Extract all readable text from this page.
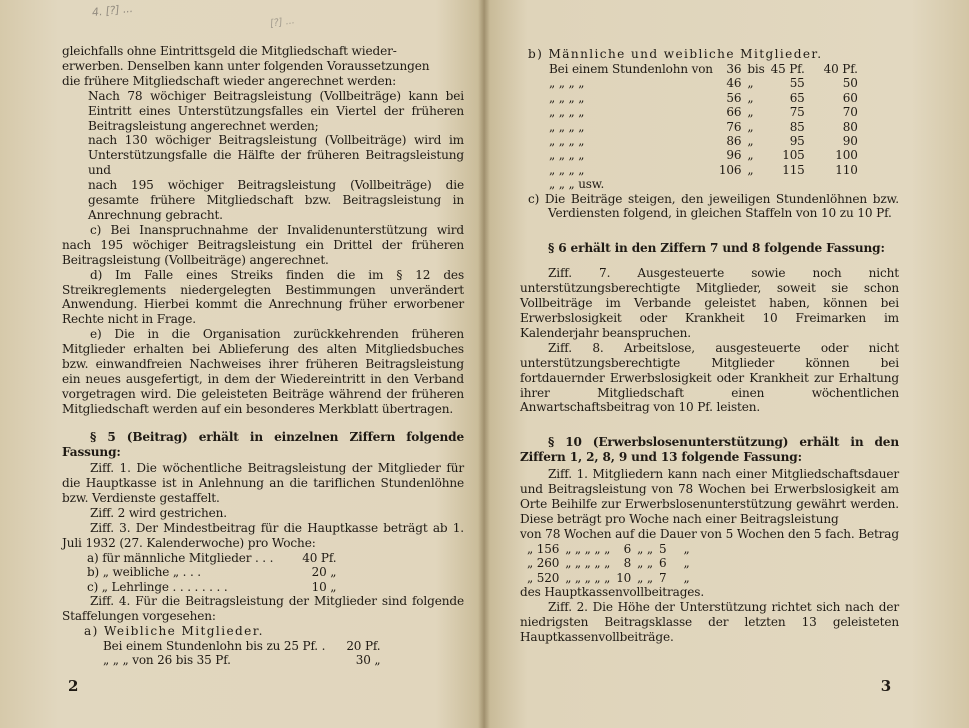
4. [?] ...
[?] ...

gleichfalls ohne Eintrittsgeld die Mitgliedschaft wieder-

erwerben. Denselben kann unter folgenden Voraussetzungen

die frühere Mitgliedschaft wieder angerechnet werden:

Nach 78 wöchiger Beitragsleistung (Vollbeiträge) kann bei Eintritt eines Unterstützungsfalles ein Viertel der früheren Beitragsleistung angerechnet werden;

nach 130 wöchiger Beitragsleistung (Vollbeiträge) wird im Unterstützungsfalle die Hälfte der früheren Beitragsleistung und

nach 195 wöchiger Beitragsleistung (Vollbeiträge) die gesamte frühere Mitgliedschaft bzw. Beitragsleistung in Anrechnung gebracht.

c) Bei Inanspruchnahme der Invalidenunterstützung wird nach 195 wöchiger Beitragsleistung ein Drittel der früheren Beitragsleistung (Vollbeiträge) angerechnet.

d) Im Falle eines Streiks finden die im § 12 des Streikreglements niedergelegten Bestimmungen unverändert Anwendung. Hierbei kommt die Anrechnung früher erworbener Rechte nicht in Frage.

e) Die in die Organisation zurückkehrenden früheren Mitglieder erhalten bei Ablieferung des alten Mitgliedsbuches bzw. einwandfreien Nachweises ihrer früheren Beitragsleistung ein neues ausgefertigt, in dem der Wiedereintritt in den Verband vorgetragen wird. Die geleisteten Beiträge während der früheren Mitgliedschaft werden auf ein besonderes Merkblatt übertragen.

§ 5 (Beitrag) erhält in einzelnen Ziffern folgende Fassung:

Ziff. 1. Die wöchentliche Beitragsleistung der Mitglieder für die Hauptkasse ist in Anlehnung an die tariflichen Stundenlöhne bzw. Verdienste gestaffelt.

Ziff. 2 wird gestrichen.

Ziff. 3. Der Mindestbeitrag für die Hauptkasse beträgt ab 1. Juli 1932 (27. Kalenderwoche) pro Woche:

a) für männliche Mitglieder . . .	40 Pf.
b) „ weibliche „ . . .	20 „
c) „ Lehrlinge . . . . . . . .	10 „

Ziff. 4. Für die Beitragsleistung der Mitglieder sind folgende Staffelungen vorgesehen:

a) Weibliche Mitglieder.

Bei einem Stundenlohn bis zu 25 Pf. .	20 Pf.
„ „ „ von 26 bis 35 Pf.	30 „
2

b) Männliche und weibliche Mitglieder.

Bei einem Stundenlohn von	36	bis	45 Pf.	40 Pf.
„ „ „ „	46	„	55	50
„ „ „ „	56	„	65	60
„ „ „ „	66	„	75	70
„ „ „ „	76	„	85	80
„ „ „ „	86	„	95	90
„ „ „ „	96	„	105	100
„ „ „ „	106	„	115	110
„ „ „ usw.				

c) Die Beiträge steigen, den jeweiligen Stundenlöhnen bzw. Verdiensten folgend, in gleichen Staffeln von 10 zu 10 Pf.

§ 6 erhält in den Ziffern 7 und 8 folgende Fassung:

Ziff. 7. Ausgesteuerte sowie noch nicht unterstützungsberechtigte Mitglieder, soweit sie schon Vollbeiträge im Verbande geleistet haben, können bei Erwerbslosigkeit oder Krankheit 10 Freimarken im Kalenderjahr beanspruchen.

Ziff. 8. Arbeitslose, ausgesteuerte oder nicht unterstützungsberechtigte Mitglieder können bei fortdauernder Erwerbslosigkeit oder Krankheit zur Erhaltung ihrer Mitgliedschaft einen wöchentlichen Anwartschaftsbeitrag von 10 Pf. leisten.

§ 10 (Erwerbslosenunterstützung) erhält in den Ziffern 1, 2, 8, 9 und 13 folgende Fassung:

Ziff. 1. Mitgliedern kann nach einer Mitgliedschaftsdauer und Beitragsleistung von 78 Wochen bei Erwerbslosigkeit am Orte Beihilfe zur Erwerbslosenunterstützung gewährt werden. Diese beträgt pro Woche nach einer Beitragsleistung

von 78 Wochen auf die Dauer von 5 Wochen den 5 fach. Betrag

„ 156	„ „ „ „ „	6	„ „	5	„
„ 260	„ „ „ „ „	8	„ „	6	„
„ 520	„ „ „ „ „	10	„ „	7	„

des Hauptkassenvollbeitrages.

Ziff. 2. Die Höhe der Unterstützung richtet sich nach der niedrigsten Beitragsklasse der letzten 13 geleisteten Hauptkassenvollbeiträge.

3
